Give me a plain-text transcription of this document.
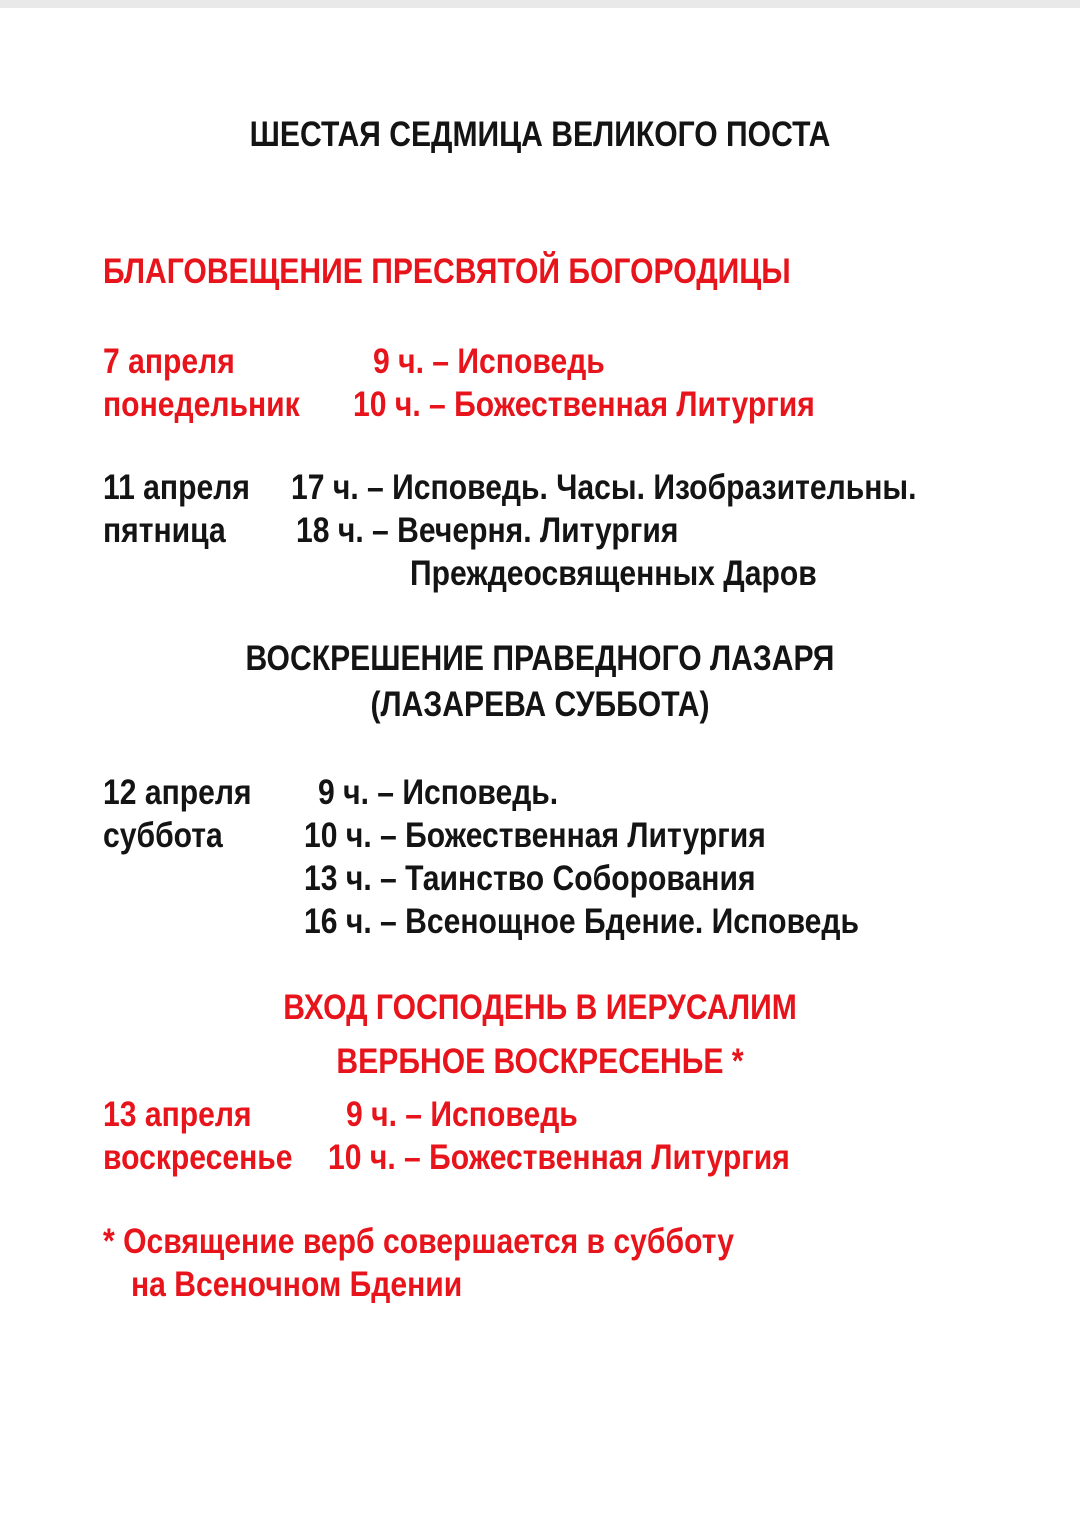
ШЕСТАЯ СЕДМИЦА ВЕЛИКОГО ПОСТА
БЛАГОВЕЩЕНИЕ ПРЕСВЯТОЙ БОГОРОДИЦЫ
7 апреля	9 ч. – Исповедь
понедельник 10 ч. – Божественная Литургия
11 апреля 17 ч. – Исповедь. Часы. Изобразительны.
пятница 18 ч. – Вечерня. Литургия
Преждеосвященных Даров
ВОСКРЕШЕНИЕ ПРАВЕДНОГО ЛАЗАРЯ
(ЛАЗАРЕВА СУББОТА)
12 апреля 9 ч. – Исповедь.
суббота 10 ч. – Божественная Литургия
13 ч. – Таинство Соборования
16 ч. – Всенощное Бдение. Исповедь
ВХОД ГОСПОДЕНЬ В ИЕРУСАЛИМ
ВЕРБНОЕ ВОСКРЕСЕНЬЕ *
13 апреля	9 ч. – Исповедь
воскресенье 10 ч. – Божественная Литургия
* Освящение верб совершается в субботу
на Всеночном Бдении
